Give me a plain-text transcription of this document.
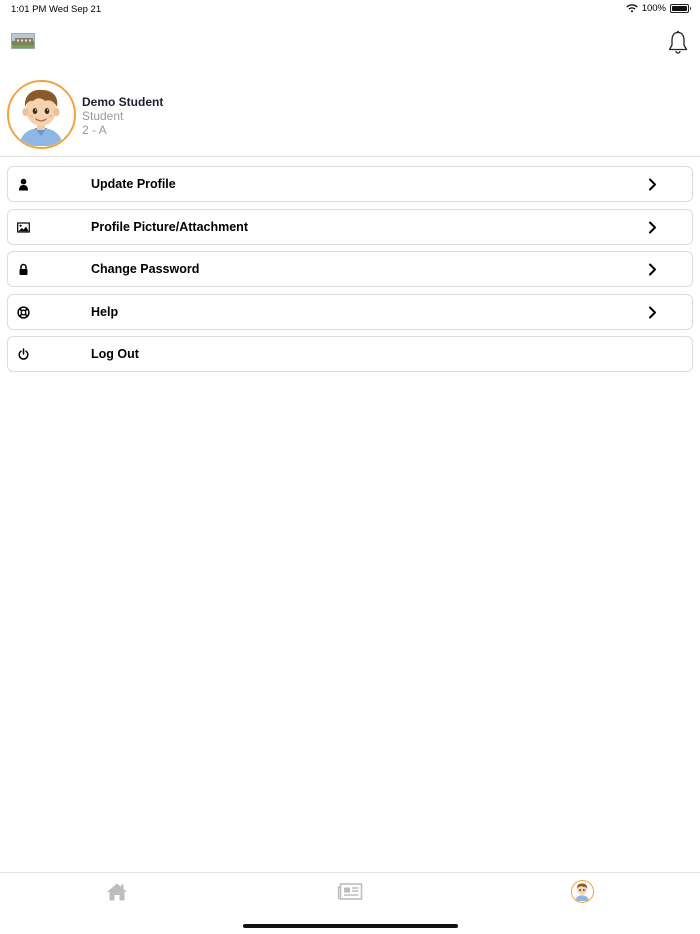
1:01 PM Wed Sep 21	100%
Demo Student
Student
2 - A
Update Profile
Profile Picture/Attachment
Change Password
Help
Log Out
